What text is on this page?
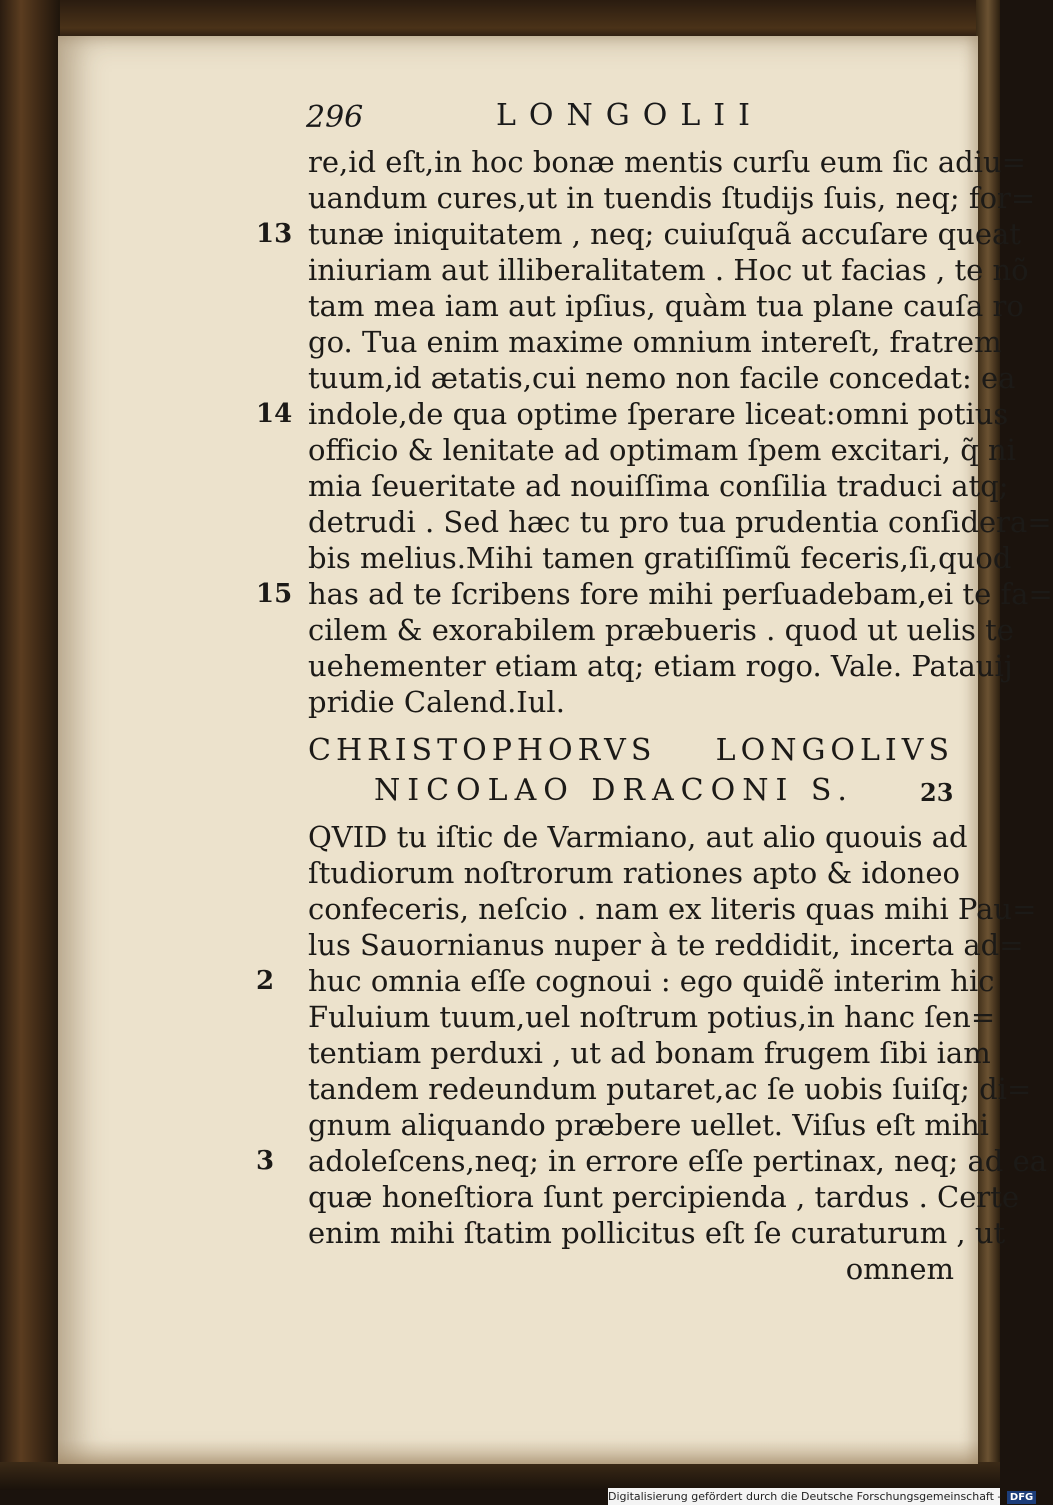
296	LONGOLII
re,id eſt,in hoc bonæ mentis curſu eum ſic adiu=
uandum cures,ut in tuendis ſtudijs ſuis, neq; for=
tunæ iniquitatem , neq; cuiuſquã accuſare queat
iniuriam aut illiberalitatem . Hoc ut facias , te nõ
tam mea iam aut ipſius, quàm tua plane cauſa ro
go. Tua enim maxime omnium intereſt, fratrem
tuum,id ætatis,cui nemo non facile concedat: ea
indole,de qua optime ſperare liceat:omni potius
officio & lenitate ad optimam ſpem excitari, q̃ ni
mia ſeueritate ad nouiſſima conſilia traduci atq;
detrudi . Sed hæc tu pro tua prudentia conſidera=
bis melius.Mihi tamen gratiſſimũ feceris,ſi,quod
has ad te ſcribens fore mihi perſuadebam,ei te fa=
cilem & exorabilem præbueris . quod ut uelis te
uehementer etiam atq; etiam rogo. Vale. Patauij
pridie Calend.Iul.
13
14
15
CHRISTOPHORVS LONGOLIVS
NICOLAO DRACONI S.	23
QVID tu iſtic de Varmiano, aut alio quouis ad
ſtudiorum noſtrorum rationes apto & idoneo
confeceris, neſcio . nam ex literis quas mihi Pau=
lus Sauornianus nuper à te reddidit, incerta ad=
huc omnia eſſe cognoui : ego quidẽ interim hic
Fuluium tuum,uel noſtrum potius,in hanc ſen=
tentiam perduxi , ut ad bonam frugem ſibi iam
tandem redeundum putaret,ac ſe uobis ſuiſq; di=
gnum aliquando præbere uellet. Viſus eſt mihi
adoleſcens,neq; in errore eſſe pertinax, neq; ad ea
quæ honeſtiora ſunt percipienda , tardus . Certe
enim mihi ſtatim pollicitus eſt ſe curaturum , ut
omnem
2
3
Digitalisierung gefördert durch die Deutsche Forschungsgemeinschaft - DFG
